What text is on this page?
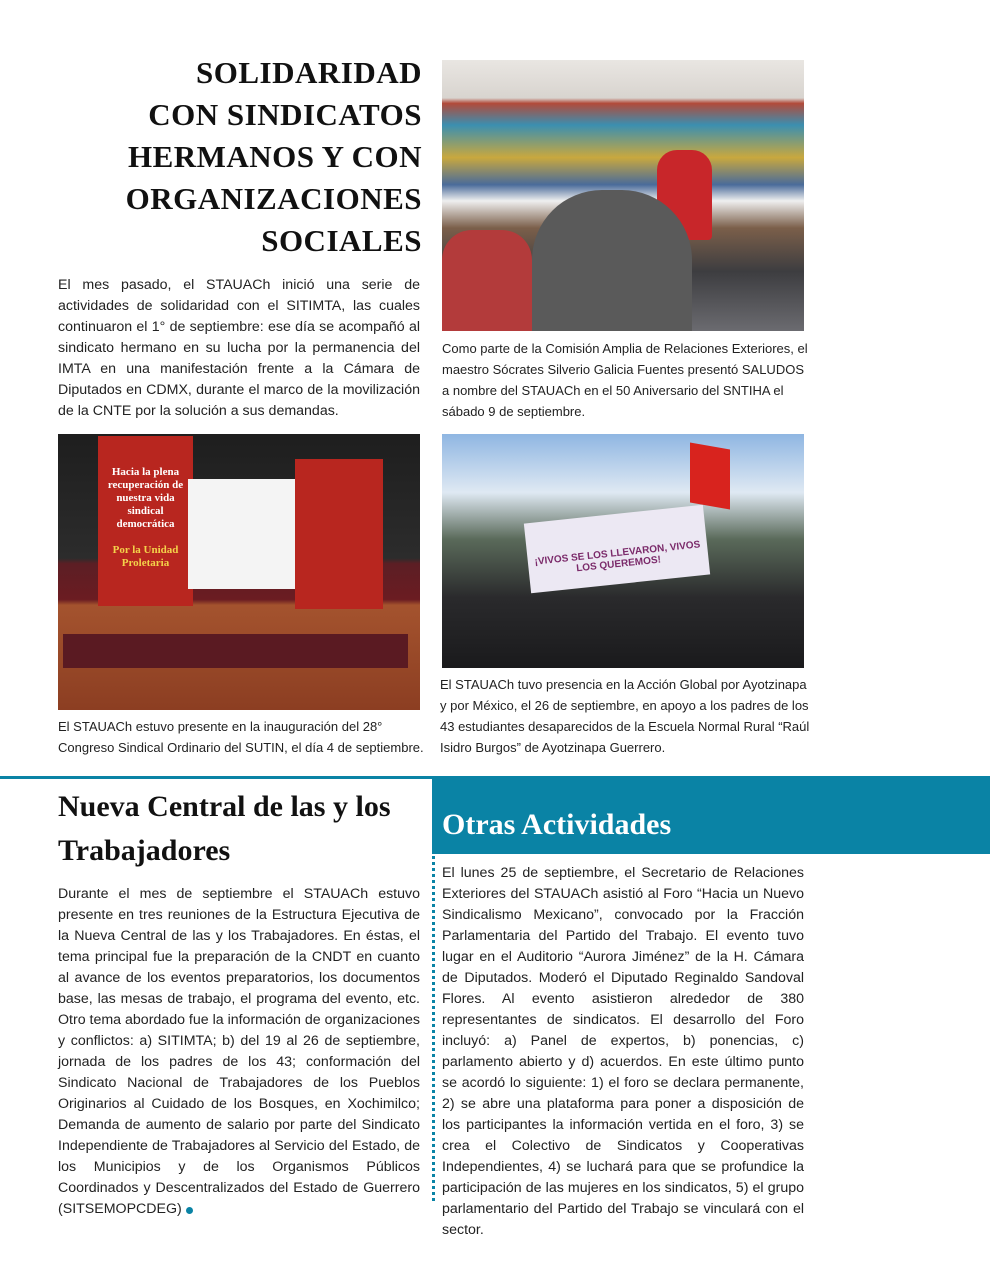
SOLIDARIDAD
CON SINDICATOS
HERMANOS Y CON
ORGANIZACIONES
SOCIALES

El mes pasado, el STAUACh inició una serie de actividades de solidaridad con el SITIMTA, las cuales continuaron el 1° de septiembre: ese día se acompañó al sindicato hermano en su lucha por la permanencia del IMTA en una manifestación frente a la Cámara de Diputados en CDMX, durante el marco de la movilización de la CNTE por la solución a sus demandas.

Como parte de la Comisión Amplia de Relaciones Exteriores, el maestro Sócrates Silverio Galicia Fuentes presentó SALUDOS a nombre del STAUACh en el 50 Aniversario del SNTIHA el sábado 9 de septiembre.

Hacia la plena recuperación de nuestra vida sindical democrática

Por la Unidad Proletaria

El STAUACh estuvo presente en la inauguración del 28° Congreso Sindical Ordinario del SUTIN, el día 4 de septiembre.

¡VIVOS SE LOS LLEVARON, VIVOS LOS QUEREMOS!

El STAUACh tuvo presencia en la Acción Global por Ayotzinapa y por México, el 26 de septiembre, en apoyo a los padres de los 43 estudiantes desaparecidos de la Escuela Normal Rural “Raúl Isidro Burgos” de Ayotzinapa Guerrero.

Nueva Central de las y los Trabajadores

Durante el mes de septiembre el STAUACh estuvo presente en tres reuniones de la Estructura Ejecutiva de la Nueva Central de las y los Trabajadores. En éstas, el tema principal fue la preparación de la CNDT en cuanto al avance de los eventos preparatorios, los documentos base, las mesas de trabajo, el programa del evento, etc. Otro tema abordado fue la información de organizaciones y conflictos: a) SITIMTA; b) del 19 al 26 de septiembre, jornada de los padres de los 43; conformación del Sindicato Nacional de Trabajadores de los Pueblos Originarios al Cuidado de los Bosques, en Xochimilco; Demanda de aumento de salario por parte del Sindicato Independiente de Trabajadores al Servicio del Estado, de los Municipios y de los Organismos Públicos Coordinados y Descentralizados del Estado de Guerrero (SITSEMOPCDEG)

Otras Actividades

El lunes 25 de septiembre, el Secretario de Relaciones Exteriores del STAUACh asistió al Foro “Hacia un Nuevo Sindicalismo Mexicano”, convocado por la Fracción Parlamentaria del Partido del Trabajo. El evento tuvo lugar en el Auditorio “Aurora Jiménez” de la H. Cámara de Diputados. Moderó el Diputado Reginaldo Sandoval Flores. Al evento asistieron alrededor de 380 representantes de sindicatos. El desarrollo del Foro incluyó: a) Panel de expertos, b) ponencias, c) parlamento abierto y d) acuerdos. En este último punto se acordó lo siguiente: 1) el foro se declara permanente, 2) se abre una plataforma para poner a disposición de los participantes la información vertida en el foro, 3) se crea el Colectivo de Sindicatos y Cooperativas Independientes, 4) se luchará para que se profundice la participación de las mujeres en los sindicatos, 5) el grupo parlamentario del Partido del Trabajo se vinculará con el sector.
